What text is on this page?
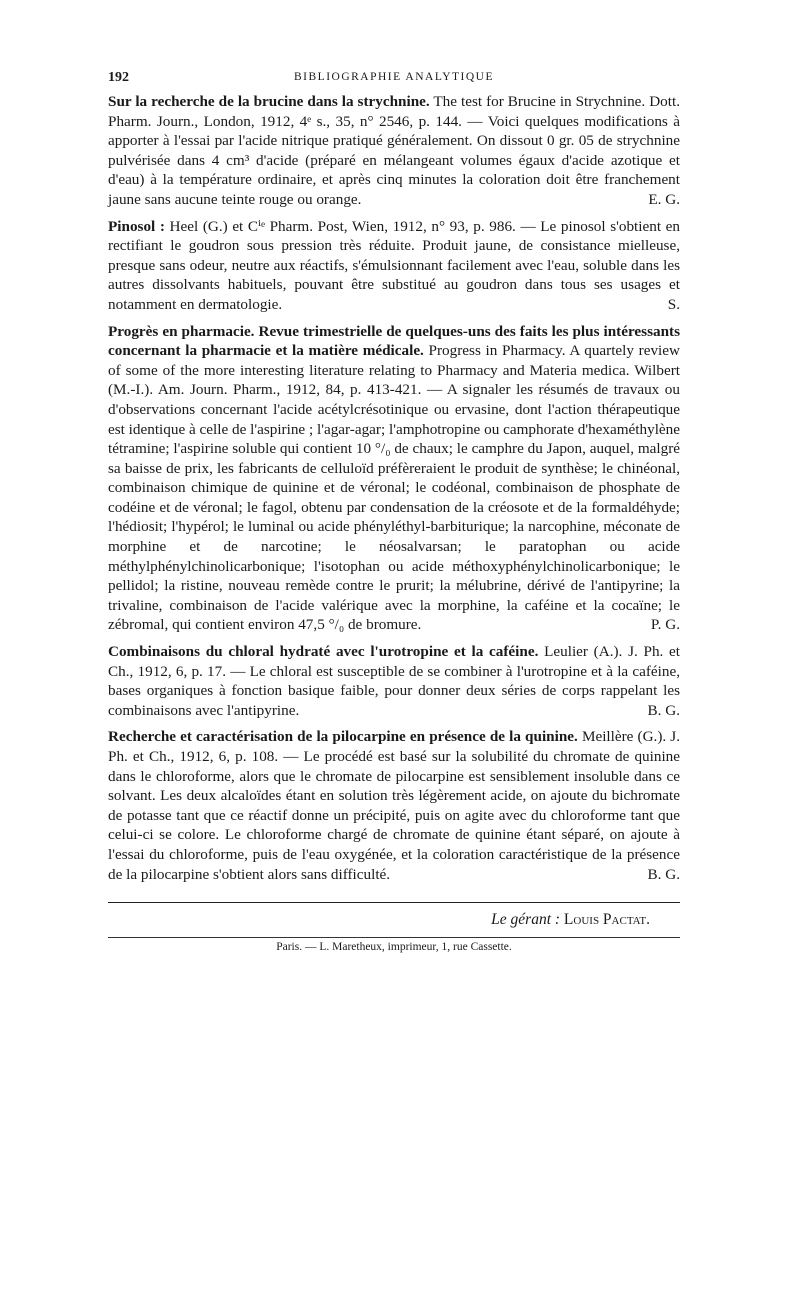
192	BIBLIOGRAPHIE ANALYTIQUE

Sur la recherche de la brucine dans la strychnine. The test for Brucine in Strychnine. Dott. Pharm. Journ., London, 1912, 4ᵉ s., 35, n° 2546, p. 144. — Voici quelques modifications à apporter à l'essai par l'acide nitrique pratiqué généralement. On dissout 0 gr. 05 de strychnine pulvérisée dans 4 cm³ d'acide (préparé en mélangeant volumes égaux d'acide azotique et d'eau) à la température ordinaire, et après cinq minutes la coloration doit être franchement jaune sans aucune teinte rouge ou orange.	E. G.

Pinosol : Heel (G.) et Cⁱᵉ Pharm. Post, Wien, 1912, n° 93, p. 986. — Le pinosol s'obtient en rectifiant le goudron sous pression très réduite. Produit jaune, de consistance mielleuse, presque sans odeur, neutre aux réactifs, s'émulsionnant facilement avec l'eau, soluble dans les autres dissolvants habituels, pouvant être substitué au goudron dans tous ses usages et notamment en dermatologie.	S.

Progrès en pharmacie. Revue trimestrielle de quelques-uns des faits les plus intéressants concernant la pharmacie et la matière médicale. Progress in Pharmacy. A quartely review of some of the more interesting literature relating to Pharmacy and Materia medica. Wilbert (M.-I.). Am. Journ. Pharm., 1912, 84, p. 413-421. — A signaler les résumés de travaux ou d'observations concernant l'acide acétylcrésotinique ou ervasine, dont l'action thérapeutique est identique à celle de l'aspirine ; l'agar-agar; l'amphotropine ou camphorate d'hexaméthylène tétramine; l'aspirine soluble qui contient 10 °/₀ de chaux; le camphre du Japon, auquel, malgré sa baisse de prix, les fabricants de celluloïd préfèreraient le produit de synthèse; le chinéonal, combinaison chimique de quinine et de véronal; le codéonal, combinaison de phosphate de codéine et de véronal; le fagol, obtenu par condensation de la créosote et de la formaldéhyde; l'hédiosit; l'hypérol; le luminal ou acide phényléthyl-barbiturique; la narcophine, méconate de morphine et de narcotine; le néosalvarsan; le paratophan ou acide méthylphénylchinolicarbonique; l'isotophan ou acide méthoxyphénylchinolicarbonique; le pellidol; la ristine, nouveau remède contre le prurit; la mélubrine, dérivé de l'antipyrine; la trivaline, combinaison de l'acide valérique avec la morphine, la caféine et la cocaïne; le zébromal, qui contient environ 47,5 °/₀ de bromure.	P. G.

Combinaisons du chloral hydraté avec l'urotropine et la caféine. Leulier (A.). J. Ph. et Ch., 1912, 6, p. 17. — Le chloral est susceptible de se combiner à l'urotropine et à la caféine, bases organiques à fonction basique faible, pour donner deux séries de corps rappelant les combinaisons avec l'antipyrine.	B. G.

Recherche et caractérisation de la pilocarpine en présence de la quinine. Meillère (G.). J. Ph. et Ch., 1912, 6, p. 108. — Le procédé est basé sur la solubilité du chromate de quinine dans le chloroforme, alors que le chromate de pilocarpine est sensiblement insoluble dans ce solvant. Les deux alcaloïdes étant en solution très légèrement acide, on ajoute du bichromate de potasse tant que ce réactif donne un précipité, puis on agite avec du chloroforme tant que celui-ci se colore. Le chloroforme chargé de chromate de quinine étant séparé, on ajoute à l'essai du chloroforme, puis de l'eau oxygénée, et la coloration caractéristique de la présence de la pilocarpine s'obtient alors sans difficulté.	B. G.

Le gérant : Louis Pactat.
Paris. — L. Maretheux, imprimeur, 1, rue Cassette.
